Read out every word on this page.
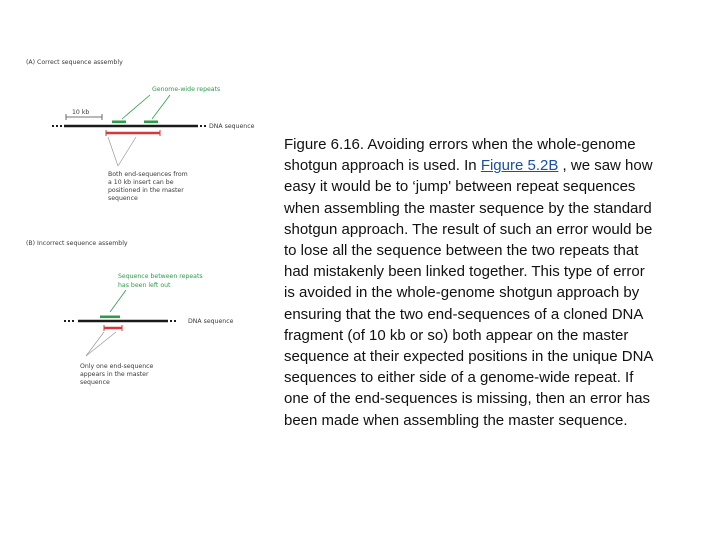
(A) Correct sequence assembly
Genome-wide repeats
10 kb
DNA sequence
Both end-sequences from
a 10 kb insert can be
positioned in the master
sequence
(B) Incorrect sequence assembly
Sequence between repeats
has been left out
DNA sequence
Only one end-sequence
appears in the master
sequence
Figure 6.16. Avoiding errors when the whole-genome
shotgun approach is used. In Figure 5.2B , we saw how
easy it would be to ‘jump' between repeat sequences
when assembling the master sequence by the standard
shotgun approach. The result of such an error would be
to lose all the sequence between the two repeats that
had mistakenly been linked together. This type of error
is avoided in the whole-genome shotgun approach by
ensuring that the two end-sequences of a cloned DNA
fragment (of 10 kb or so) both appear on the master
sequence at their expected positions in the unique DNA
sequences to either side of a genome-wide repeat. If
one of the end-sequences is missing, then an error has
been made when assembling the master sequence.
